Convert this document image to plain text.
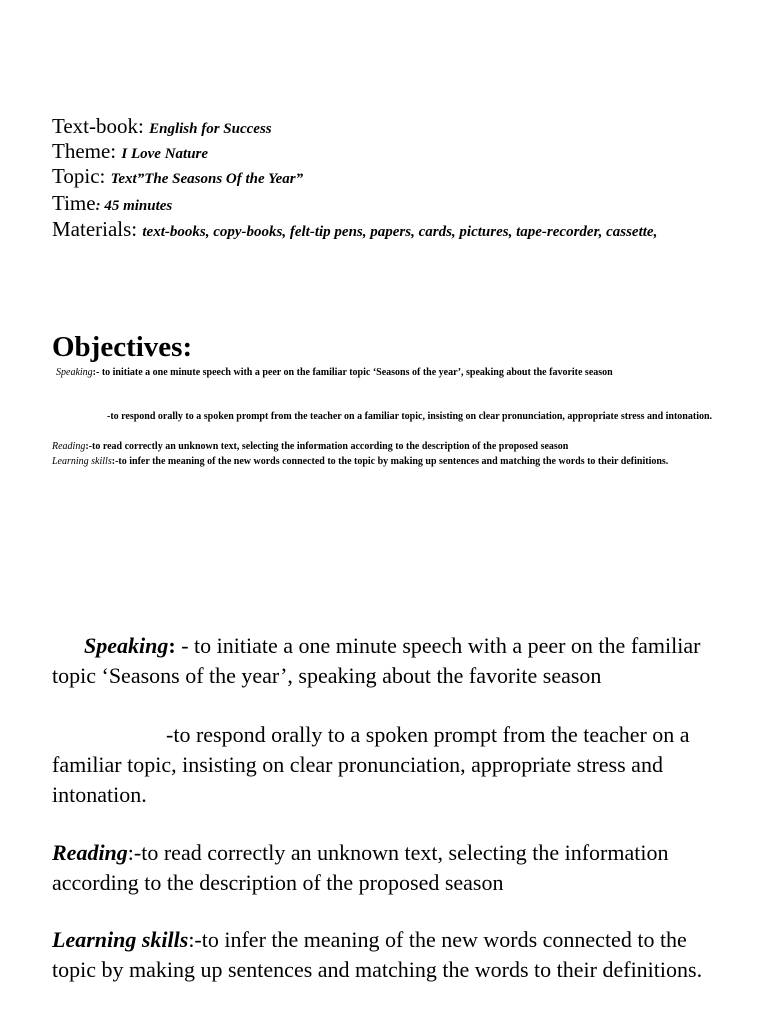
Text-book: English for Success
Theme: I Love Nature
Topic: Text”The Seasons Of the Year”
Time: 45 minutes
Materials: text-books, copy-books, felt-tip pens, papers, cards, pictures, tape-recorder, cassette,
Objectives:
Speaking:- to initiate a one minute speech with a peer on the familiar topic ‘Seasons of the year’, speaking about the favorite season
-to respond orally to a spoken prompt from the teacher on a familiar topic, insisting on clear pronunciation, appropriate stress and intonation.
Reading:-to read correctly an unknown text, selecting the information according to the description of the proposed season
Learning skills:-to infer the meaning of the new words connected to the topic by making up sentences and matching the words to their definitions.
Speaking: - to initiate a one minute speech with a peer on the familiar topic ‘Seasons of the year’, speaking about the favorite season
-to respond orally to a spoken prompt from the teacher on a familiar topic, insisting on clear pronunciation, appropriate stress and intonation.
Reading:-to read correctly an unknown text, selecting the information according to the description of the proposed season
Learning skills:-to infer the meaning of the new words connected to the topic by making up sentences and matching the words to their definitions.
